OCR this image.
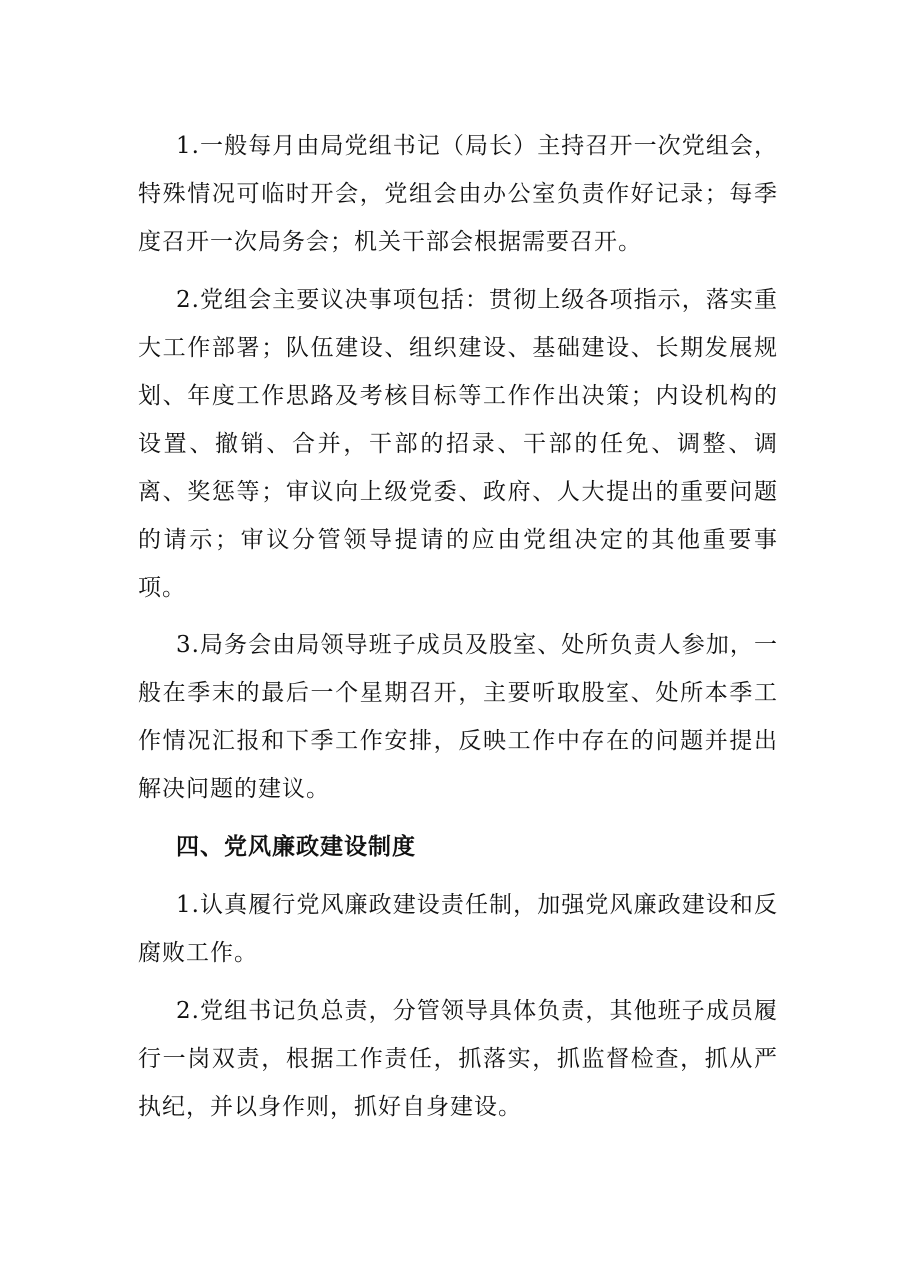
1.一般每月由局党组书记（局长）主持召开一次党组会，特殊情况可临时开会，党组会由办公室负责作好记录；每季度召开一次局务会；机关干部会根据需要召开。

2.党组会主要议决事项包括：贯彻上级各项指示，落实重大工作部署；队伍建设、组织建设、基础建设、长期发展规划、年度工作思路及考核目标等工作作出决策；内设机构的设置、撤销、合并，干部的招录、干部的任免、调整、调离、奖惩等；审议向上级党委、政府、人大提出的重要问题的请示；审议分管领导提请的应由党组决定的其他重要事项。

3.局务会由局领导班子成员及股室、处所负责人参加，一般在季末的最后一个星期召开，主要听取股室、处所本季工作情况汇报和下季工作安排，反映工作中存在的问题并提出解决问题的建议。

四、党风廉政建设制度

1.认真履行党风廉政建设责任制，加强党风廉政建设和反腐败工作。

2.党组书记负总责，分管领导具体负责，其他班子成员履行一岗双责，根据工作责任，抓落实，抓监督检查，抓从严执纪，并以身作则，抓好自身建设。
